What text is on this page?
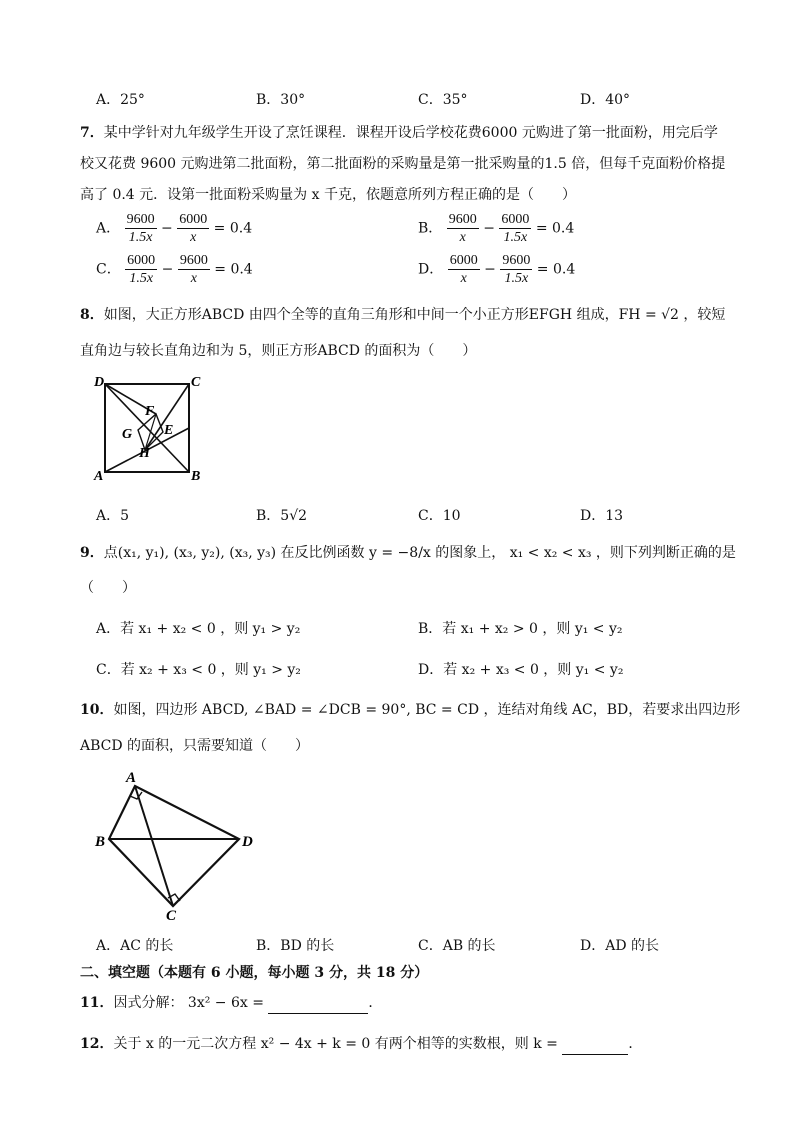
A．25°	B．30°	C．35°	D．40°
7．某中学针对九年级学生开设了烹饪课程．课程开设后学校花费6000 元购进了第一批面粉，用完后学
校又花费 9600 元购进第二批面粉，第二批面粉的采购量是第一批采购量的1.5 倍，但每千克面粉价格提
高了 0.4 元．设第一批面粉采购量为 x 千克，依题意所列方程正确的是（　　）
A． $\frac{9600}{1.5x} - \frac{6000}{x} = 0.4$	B． $\frac{9600}{x} - \frac{6000}{1.5x} = 0.4$
C． $\frac{6000}{1.5x} - \frac{9600}{x} = 0.4$	D． $\frac{6000}{x} - \frac{9600}{1.5x} = 0.4$
8．如图，大正方形ABCD 由四个全等的直角三角形和中间一个小正方形EFGH 组成，FH = √2 ，较短
直角边与较长直角边和为 5，则正方形ABCD 的面积为（　　）
D	C
F
G E
H
A	B
A．5	B．5√2	C．10	D．13
9．点(x₁, y₁), (x₃, y₂), (x₃, y₃) 在反比例函数 y = −8/x 的图象上， x₁ < x₂ < x₃ ，则下列判断正确的是
（　　）
A．若 x₁ + x₂ < 0 ，则 y₁ > y₂	B．若 x₁ + x₂ > 0 ，则 y₁ < y₂
C．若 x₂ + x₃ < 0 ，则 y₁ > y₂	D．若 x₂ + x₃ < 0 ，则 y₁ < y₂
10．如图，四边形 ABCD, ∠BAD = ∠DCB = 90°, BC = CD ，连结对角线 AC，BD，若要求出四边形
ABCD 的面积，只需要知道（　　）
A
B	D
C
A．AC 的长	B．BD 的长	C．AB 的长	D．AD 的长
二、填空题（本题有 6 小题，每小题 3 分，共 18 分）
11．因式分解： 3x² − 6x =	．
12．关于 x 的一元二次方程 x² − 4x + k = 0 有两个相等的实数根，则 k =	．
